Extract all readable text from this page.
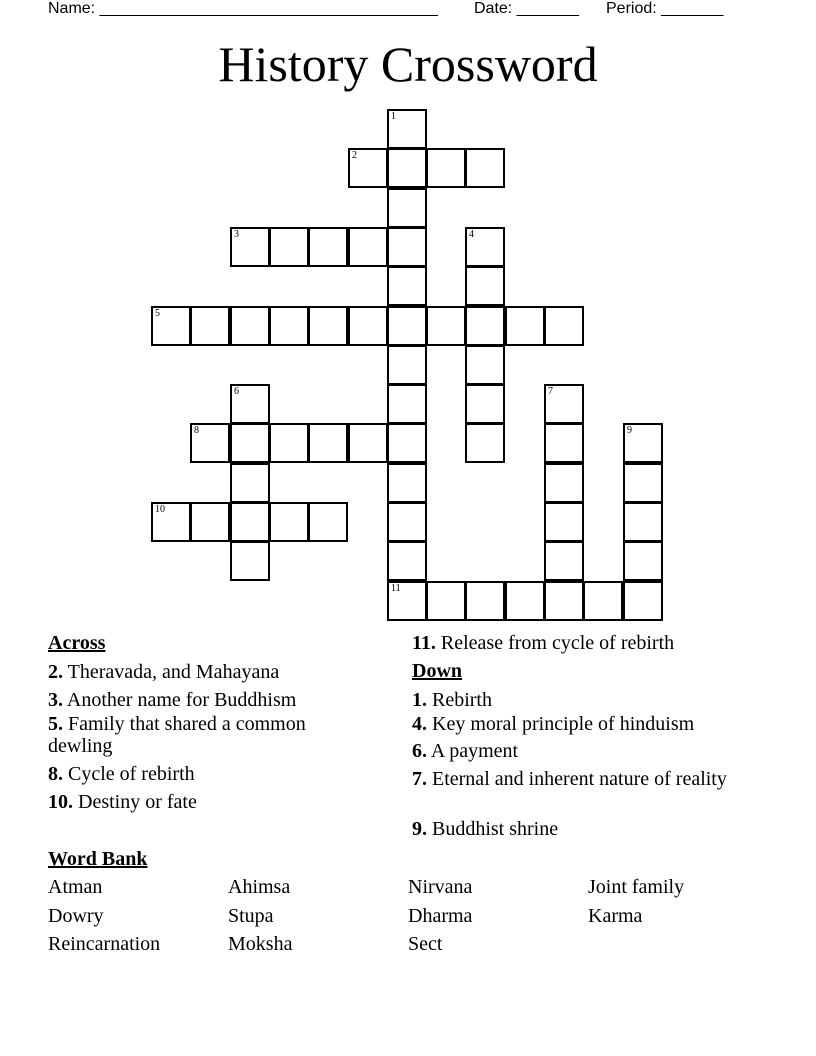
Name: ______________________________________ Date: _______ Period: _______
History Crossword
1
2
3	4
5
6	7
8	9
10
11
Across
2. Theravada, and Mahayana
3. Another name for Buddhism
5. Family that shared a common dewling
8. Cycle of rebirth
10. Destiny or fate
11. Release from cycle of rebirth
Down
1. Rebirth
4. Key moral principle of hinduism
6. A payment
7. Eternal and inherent nature of reality
9. Buddhist shrine
Word Bank
Atman	Ahimsa	Nirvana	Joint family
Dowry	Stupa	Dharma	Karma
Reincarnation	Moksha	Sect
